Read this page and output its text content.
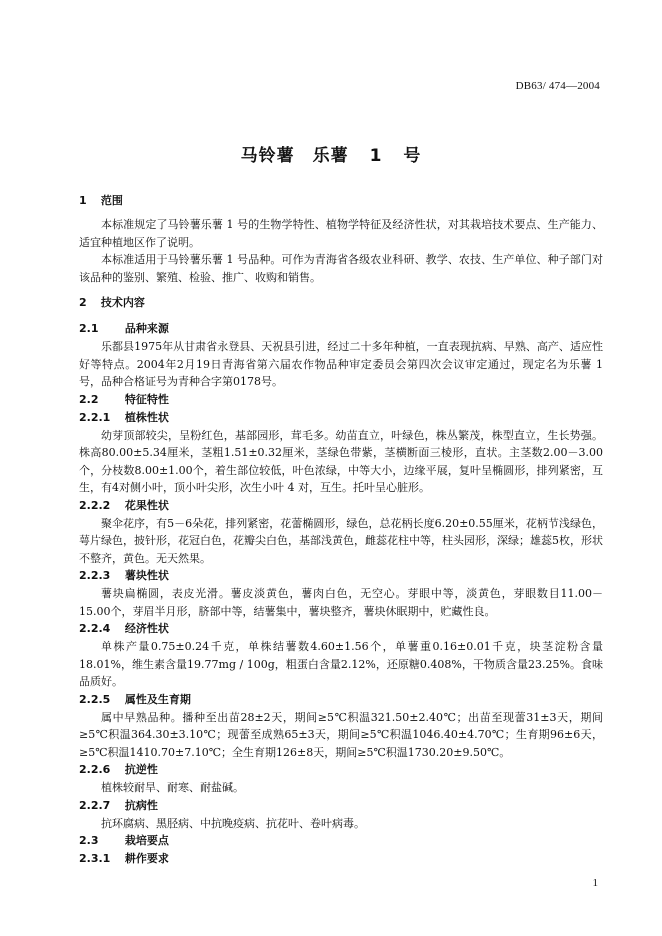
DB63/ 474—2004
马铃薯　乐薯 1 号
1 范围

本标准规定了马铃薯乐薯 1 号的生物学特性、植物学特征及经济性状，对其栽培技术要点、生产能力、适宜种植地区作了说明。

本标准适用于马铃薯乐薯 1 号品种。可作为青海省各级农业科研、教学、农技、生产单位、种子部门对该品种的鉴别、繁殖、检验、推广、收购和销售。

2 技术内容
2.1 品种来源

乐都县1975年从甘肃省永登县、天祝县引进，经过二十多年种植，一直表现抗病、早熟、高产、适应性好等特点。2004年2月19日青海省第六届农作物品种审定委员会第四次会议审定通过，现定名为乐薯 1 号，品种合格证号为青种合字第0178号。

2.2 特征特性
2.2.1 植株性状

幼芽顶部较尖，呈粉红色，基部园形，茸毛多。幼苗直立，叶绿色，株丛繁茂，株型直立，生长势强。株高80.00±5.34厘米，茎粗1.51±0.32厘米，茎绿色带紫，茎横断面三棱形，直状。主茎数2.00－3.00个，分枝数8.00±1.00个，着生部位较低，叶色浓绿，中等大小，边缘平展，复叶呈椭圆形，排列紧密，互生，有4对侧小叶，顶小叶尖形，次生小叶 4 对，互生。托叶呈心脏形。

2.2.2 花果性状

聚伞花序，有5－6朵花，排列紧密，花蕾椭圆形，绿色，总花柄长度6.20±0.55厘米，花柄节浅绿色，萼片绿色，披针形，花冠白色，花瓣尖白色，基部浅黄色，雌蕊花柱中等，柱头园形，深绿；雄蕊5枚，形状不整齐，黄色。无天然果。

2.2.3 薯块性状

薯块扁椭圆，表皮光滑。薯皮淡黄色，薯肉白色，无空心。芽眼中等，淡黄色，芽眼数目11.00－15.00个，芽眉半月形，脐部中等，结薯集中，薯块整齐，薯块休眠期中，贮藏性良。

2.2.4 经济性状

单株产量0.75±0.24千克，单株结薯数4.60±1.56个，单薯重0.16±0.01千克，块茎淀粉含量18.01%，维生素含量19.77mg / 100g，粗蛋白含量2.12%，还原糖0.408%，干物质含量23.25%。食味品质好。

2.2.5 属性及生育期

属中早熟品种。播种至出苗28±2天，期间≥5℃积温321.50±2.40℃；出苗至现蕾31±3天，期间≥5℃积温364.30±3.10℃；现蕾至成熟65±3天，期间≥5℃积温1046.40±4.70℃；生育期96±6天，≥5℃积温1410.70±7.10℃；全生育期126±8天，期间≥5℃积温1730.20±9.50℃。

2.2.6 抗逆性

植株较耐旱、耐寒、耐盐碱。

2.2.7 抗病性

抗环腐病、黑胫病、中抗晚疫病、抗花叶、卷叶病毒。

2.3 栽培要点
2.3.1 耕作要求
1
